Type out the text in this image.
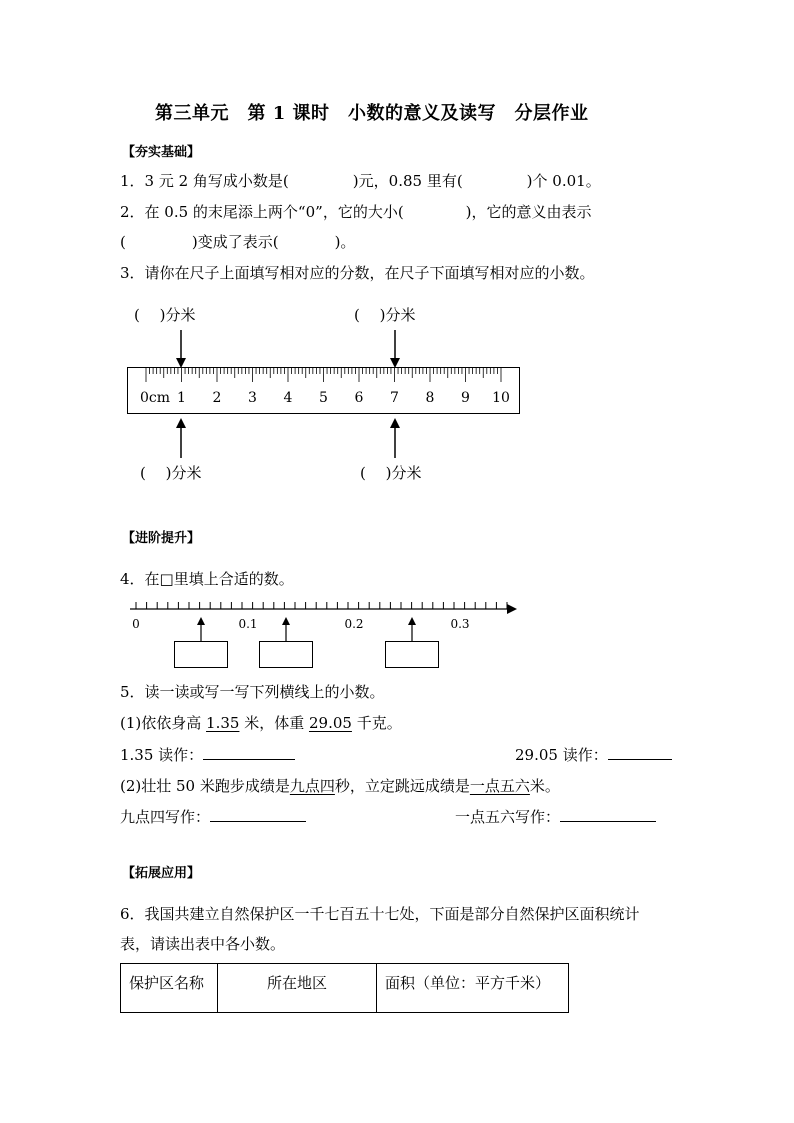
第三单元　第 1 课时　小数的意义及读写　分层作业
【夯实基础】
1．3 元 2 角写成小数是(	)元，0.85 里有(	)个 0.01。
2．在 0.5 的末尾添上两个“0”，它的大小(	)，它的意义由表示
(	)变成了表示(	)。
3．请你在尺子上面填写相对应的分数，在尺子下面填写相对应的小数。
(　 )分米	(　 )分米
(　 )分米	(　 )分米
0cm 1 2 3 4 5 6 7 8 9 10
【进阶提升】
4．在□里填上合适的数。
0	0.1	0.2	0.3
5．读一读或写一写下列横线上的小数。
(1)依依身高 1.35 米，体重 29.05 千克。
1.35 读作：	29.05 读作：
(2)壮壮 50 米跑步成绩是九点四秒，立定跳远成绩是一点五六米。
九点四写作：	一点五六写作：
【拓展应用】
6．我国共建立自然保护区一千七百五十七处，下面是部分自然保护区面积统计
表，请读出表中各小数。
保护区名称	所在地区	面积（单位：平方千米）
